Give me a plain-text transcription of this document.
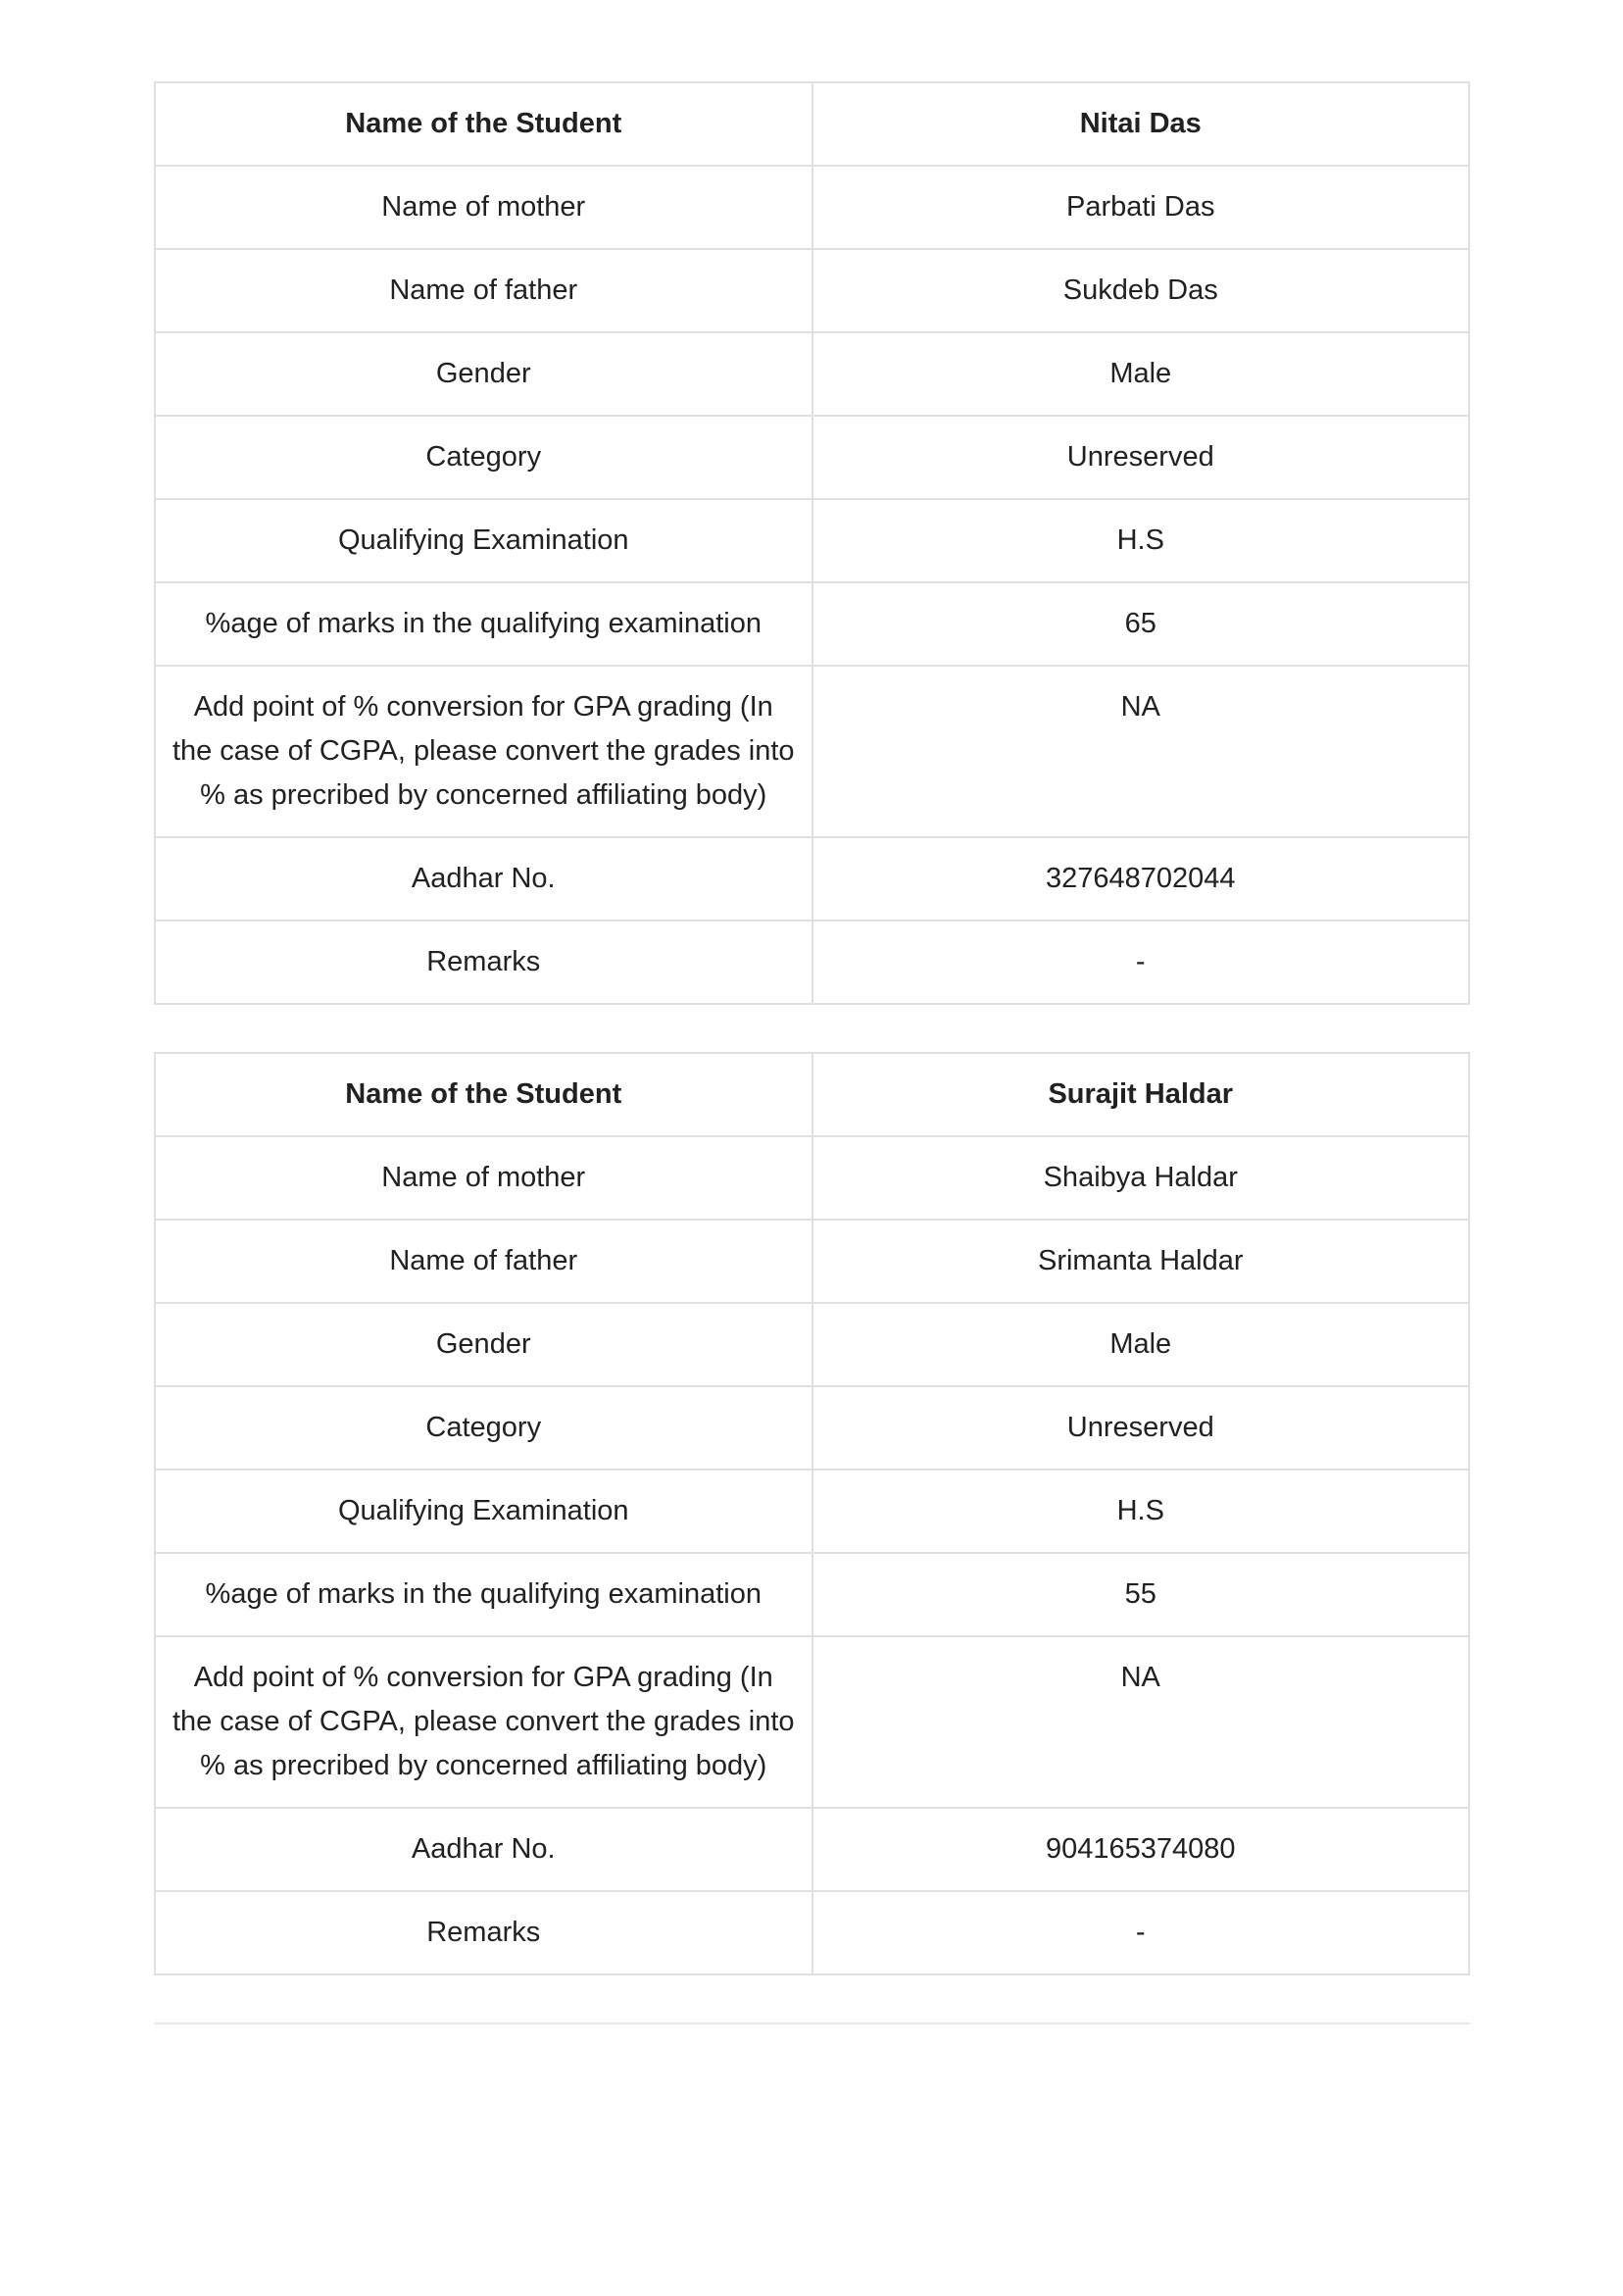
Name of the Student	Nitai Das
Name of mother	Parbati Das
Name of father	Sukdeb Das
Gender	Male
Category	Unreserved
Qualifying Examination	H.S
%age of marks in the qualifying examination	65
Add point of % conversion for GPA grading (In the case of CGPA, please convert the grades into % as precribed by concerned affiliating body)	NA
Aadhar No.	327648702044
Remarks	-
Name of the Student	Surajit Haldar
Name of mother	Shaibya Haldar
Name of father	Srimanta Haldar
Gender	Male
Category	Unreserved
Qualifying Examination	H.S
%age of marks in the qualifying examination	55
Add point of % conversion for GPA grading (In the case of CGPA, please convert the grades into % as precribed by concerned affiliating body)	NA
Aadhar No.	904165374080
Remarks	-
